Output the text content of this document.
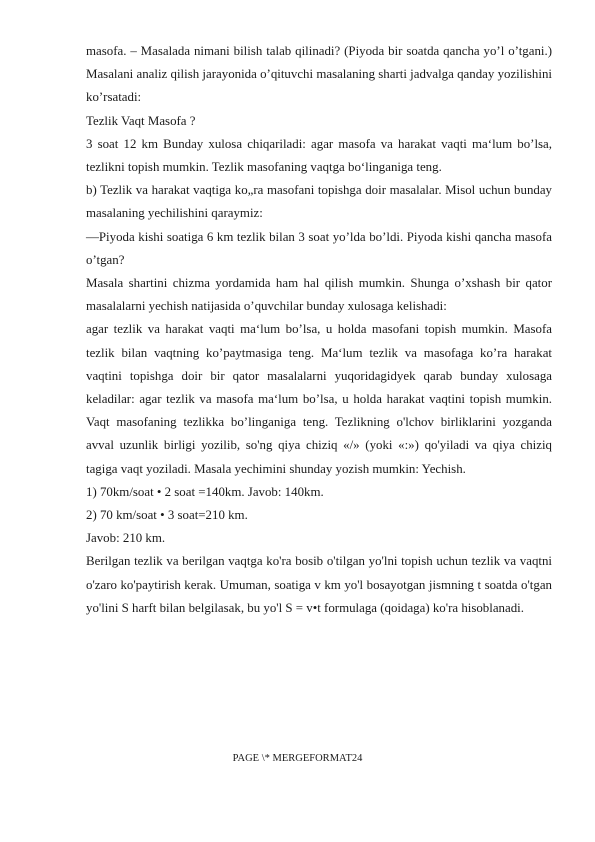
masofa. – Masalada nimani bilish talab qilinadi? (Piyoda bir soatda qancha yo’l o’tgani.) Masalani analiz qilish jarayonida o’qituvchi masalaning sharti jadvalga qanday yozilishini ko’rsatadi:

Tezlik Vaqt Masofa ?

3 soat 12 km Bunday xulosa chiqariladi: agar masofa va harakat vaqti ma‘lum bo’lsa, tezlikni topish mumkin. Tezlik masofaning vaqtga bo‘linganiga teng.

b) Tezlik va harakat vaqtiga ko„ra masofani topishga doir masalalar. Misol uchun bunday masalaning yechilishini qaraymiz:

—Piyoda kishi soatiga 6 km tezlik bilan 3 soat yo’lda bo’ldi. Piyoda kishi qancha masofa o’tgan?

Masala shartini chizma yordamida ham hal qilish mumkin. Shunga o’xshash bir qator masalalarni yechish natijasida o’quvchilar bunday xulosaga kelishadi:

agar tezlik va harakat vaqti ma‘lum bo’lsa, u holda masofani topish mumkin. Masofa tezlik bilan vaqtning ko’paytmasiga teng. Ma‘lum tezlik va masofaga ko’ra harakat vaqtini topishga doir bir qator masalalarni yuqoridagidyek qarab bunday xulosaga keladilar: agar tezlik va masofa ma‘lum bo’lsa, u holda harakat vaqtini topish mumkin. Vaqt masofaning tezlikka bo’linganiga teng. Tezlikning o'lchov birliklarini yozganda avval uzunlik birligi yozilib, so'ng qiya chiziq «/» (yoki «:») qo'yiladi va qiya chiziq tagiga vaqt yoziladi. Masala yechimini shunday yozish mumkin: Yechish.

1) 70km/soat • 2 soat =140km. Javob: 140km.

2) 70 km/soat • 3 soat=210 km.

Javob: 210 km.

Berilgan tezlik va berilgan vaqtga ko'ra bosib o'tilgan yo'lni topish uchun tezlik va vaqtni o'zaro ko'paytirish kerak. Umuman, soatiga v km yo'l bosayotgan jismning t soatda o'tgan yo'lini S harft bilan belgilasak, bu yo'l S = v•t formulaga (qoidaga) ko'ra hisoblanadi.

PAGE \* MERGEFORMAT24
